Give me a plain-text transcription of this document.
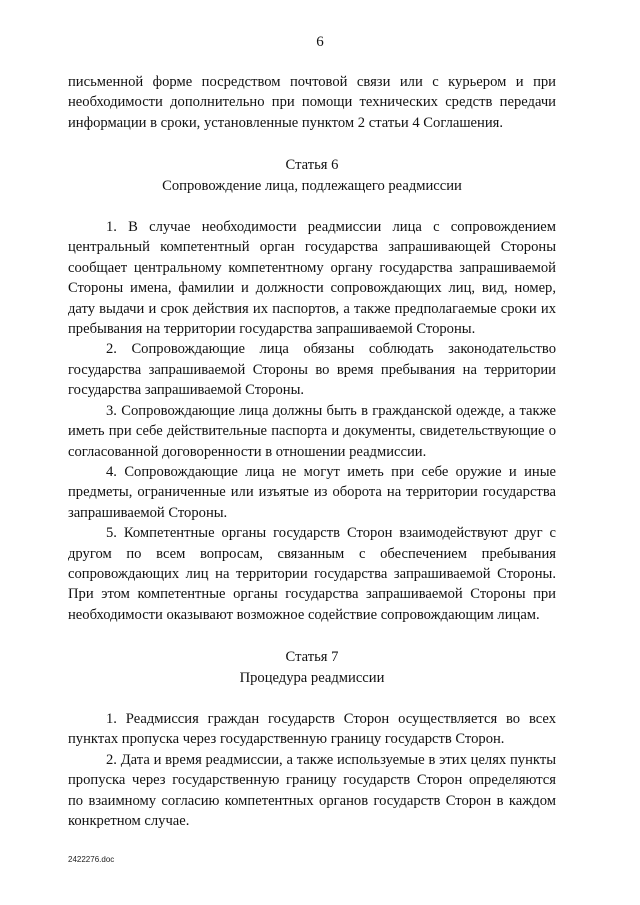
6

письменной форме посредством почтовой связи или с курьером и при необходимости дополнительно при помощи технических средств передачи информации в сроки, установленные пунктом 2 статьи 4 Соглашения.

Статья 6

Сопровождение лица, подлежащего реадмиссии

1. В случае необходимости реадмиссии лица с сопровождением центральный компетентный орган государства запрашивающей Стороны сообщает центральному компетентному органу государства запрашиваемой Стороны имена, фамилии и должности сопровождающих лиц, вид, номер, дату выдачи и срок действия их паспортов, а также предполагаемые сроки их пребывания на территории государства запрашиваемой Стороны.

2. Сопровождающие лица обязаны соблюдать законодательство государства запрашиваемой Стороны во время пребывания на территории государства запрашиваемой Стороны.

3. Сопровождающие лица должны быть в гражданской одежде, а также иметь при себе действительные паспорта и документы, свидетельствующие о согласованной договоренности в отношении реадмиссии.

4. Сопровождающие лица не могут иметь при себе оружие и иные предметы, ограниченные или изъятые из оборота на территории государства запрашиваемой Стороны.

5. Компетентные органы государств Сторон взаимодействуют друг с другом по всем вопросам, связанным с обеспечением пребывания сопровождающих лиц на территории государства запрашиваемой Стороны. При этом компетентные органы государства запрашиваемой Стороны при необходимости оказывают возможное содействие сопровождающим лицам.

Статья 7

Процедура реадмиссии

1. Реадмиссия граждан государств Сторон осуществляется во всех пунктах пропуска через государственную границу государств Сторон.

2. Дата и время реадмиссии, а также используемые в этих целях пункты пропуска через государственную границу государств Сторон определяются по взаимному согласию компетентных органов государств Сторон в каждом конкретном случае.

2422276.doc
